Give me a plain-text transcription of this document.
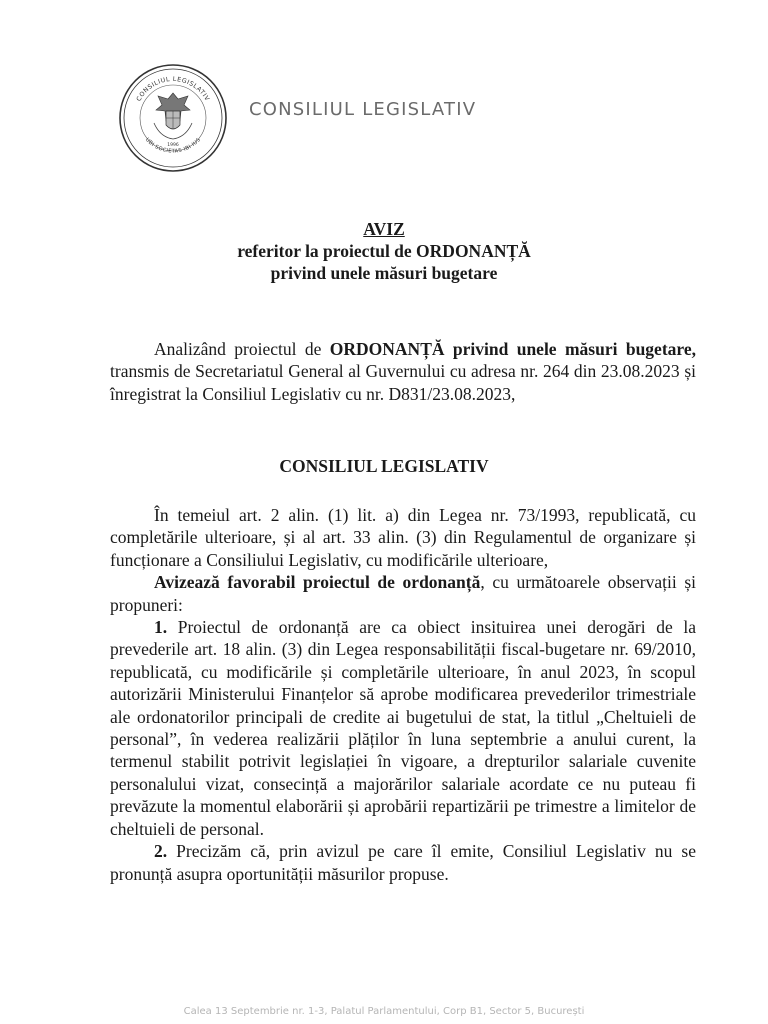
CONSILIUL LEGISLATIV
UBI SOCIETAS IBI IUS
1996
CONSILIUL LEGISLATIV
AVIZ
referitor la proiectul de ORDONANȚĂ
privind unele măsuri bugetare

Analizând proiectul de ORDONANȚĂ privind unele măsuri bugetare, transmis de Secretariatul General al Guvernului cu adresa nr. 264 din 23.08.2023 și înregistrat la Consiliul Legislativ cu nr. D831/23.08.2023,

CONSILIUL LEGISLATIV

În temeiul art. 2 alin. (1) lit. a) din Legea nr. 73/1993, republicată, cu completările ulterioare, și al art. 33 alin. (3) din Regulamentul de organizare și funcționare a Consiliului Legislativ, cu modificările ulterioare,

Avizează favorabil proiectul de ordonanță, cu următoarele observații și propuneri:

1. Proiectul de ordonanță are ca obiect insituirea unei derogări de la prevederile art. 18 alin. (3) din Legea responsabilității fiscal-bugetare nr. 69/2010, republicată, cu modificările și completările ulterioare, în anul 2023, în scopul autorizării Ministerului Finanțelor să aprobe modificarea prevederilor trimestriale ale ordonatorilor principali de credite ai bugetului de stat, la titlul „Cheltuieli de personal”, în vederea realizării plăților în luna septembrie a anului curent, la termenul stabilit potrivit legislației în vigoare, a drepturilor salariale cuvenite personalului vizat, consecință a majorărilor salariale acordate ce nu puteau fi prevăzute la momentul elaborării și aprobării repartizării pe trimestre a limitelor de cheltuieli de personal.

2. Precizăm că, prin avizul pe care îl emite, Consiliul Legislativ nu se pronunță asupra oportunității măsurilor propuse.

Calea 13 Septembrie nr. 1-3, Palatul Parlamentului, Corp B1, Sector 5, București
